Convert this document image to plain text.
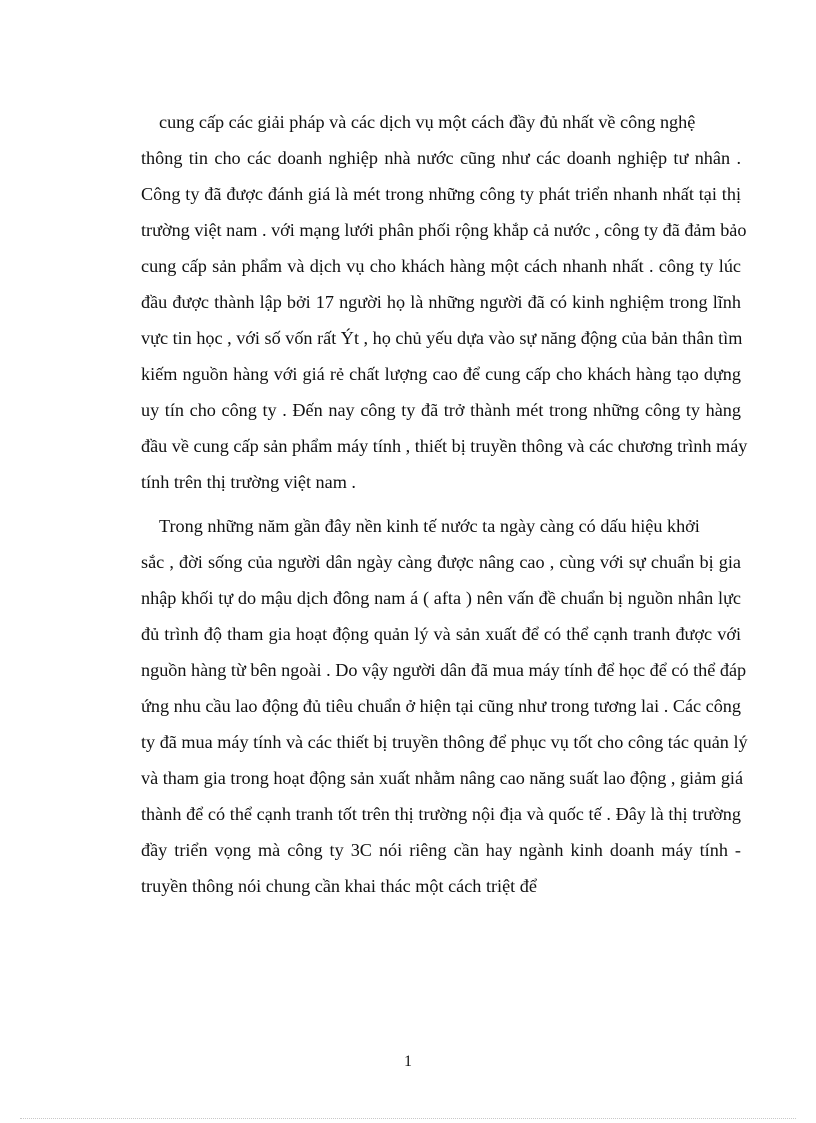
cung cấp các giải pháp và các dịch vụ một cách đầy đủ nhất về công nghệ
thông tin cho các doanh nghiệp nhà nước cũng như các doanh nghiệp tư nhân .
Công ty đã được đánh giá là mét trong những công ty phát triển nhanh nhất tại thị
trường việt nam . với mạng lưới phân phối rộng khắp cả nước , công ty đã đảm bảo
cung cấp sản phẩm và dịch vụ cho khách hàng một cách nhanh nhất . công ty lúc
đầu được thành lập bởi 17 người họ là những người đã có kinh nghiệm trong lĩnh
vực tin học , với số vốn rất Ýt , họ chủ yếu dựa vào sự năng động của bản thân tìm
kiếm nguồn hàng với giá rẻ chất lượng cao để cung cấp cho khách hàng tạo dựng
uy tín cho công ty . Đến nay công ty đã trở thành mét trong những công ty hàng
đầu về cung cấp sản phẩm máy tính , thiết bị truyền thông và các chương trình máy
tính trên thị trường việt nam .
Trong những năm gần đây nền kinh tế nước ta ngày càng có dấu hiệu khởi
sắc , đời sống của người dân ngày càng được nâng cao , cùng với sự chuẩn bị gia
nhập khối tự do mậu dịch đông nam á ( afta ) nên vấn đề chuẩn bị nguồn nhân lực
đủ trình độ tham gia hoạt động quản lý và sản xuất để có thể cạnh tranh được với
nguồn hàng từ bên ngoài . Do vậy người dân đã mua máy tính để học để có thể đáp
ứng nhu cầu lao động đủ tiêu chuẩn ở hiện tại cũng như trong tương lai . Các công
ty đã mua máy tính và các thiết bị truyền thông để phục vụ tốt cho công tác quản lý
và tham gia trong hoạt động sản xuất nhằm nâng cao năng suất lao động , giảm giá
thành để có thể cạnh tranh tốt trên thị trường nội địa và quốc tế . Đây là thị trường
đầy triển vọng mà công ty 3C nói riêng cần hay ngành kinh doanh máy tính -
truyền thông nói chung cần khai thác một cách triệt để
1
